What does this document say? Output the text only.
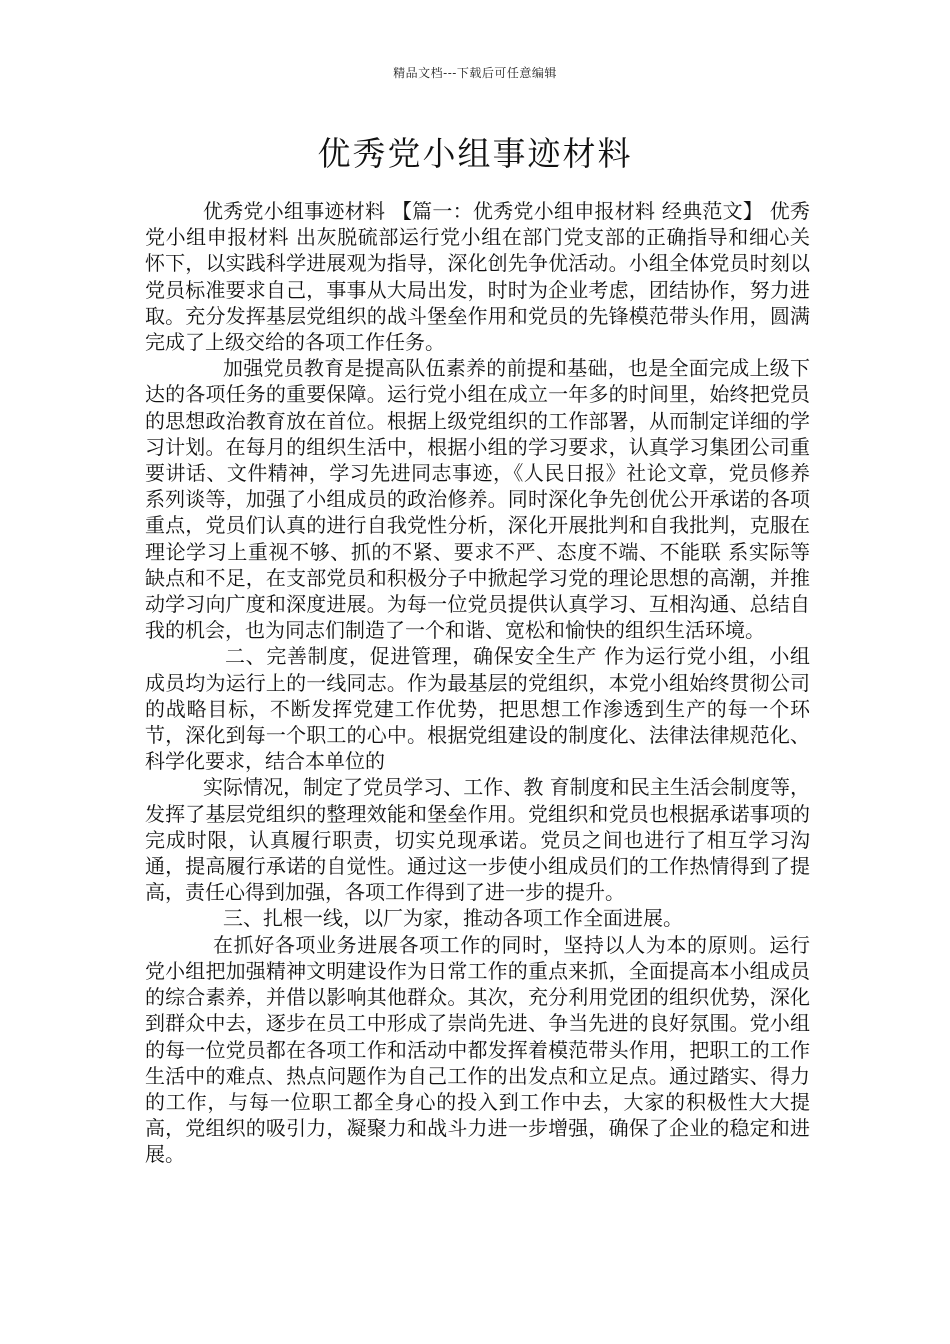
精品文档---下载后可任意编辑
优秀党小组事迹材料

优秀党小组事迹材料 【篇一：优秀党小组申报材料 经典范文】 优秀党小组申报材料 出灰脱硫部运行党小组在部门党支部的正确指导和细心关怀下，以实践科学进展观为指导，深化创先争优活动。小组全体党员时刻以党员标准要求自己，事事从大局出发，时时为企业考虑，团结协作，努力进取。充分发挥基层党组织的战斗堡垒作用和党员的先锋模范带头作用，圆满完成了上级交给的各项工作任务。

加强党员教育是提高队伍素养的前提和基础，也是全面完成上级下达的各项任务的重要保障。运行党小组在成立一年多的时间里，始终把党员的思想政治教育放在首位。根据上级党组织的工作部署，从而制定详细的学习计划。在每月的组织生活中，根据小组的学习要求，认真学习集团公司重要讲话、文件精神，学习先进同志事迹，《人民日报》社论文章，党员修养系列谈等，加强了小组成员的政治修养。同时深化争先创优公开承诺的各项重点，党员们认真的进行自我党性分析，深化开展批判和自我批判，克服在理论学习上重视不够、抓的不紧、要求不严、态度不端、不能联 系实际等缺点和不足，在支部党员和积极分子中掀起学习党的理论思想的高潮，并推动学习向广度和深度进展。为每一位党员提供认真学习、互相沟通、总结自我的机会，也为同志们制造了一个和谐、宽松和愉快的组织生活环境。

二、完善制度，促进管理，确保安全生产 作为运行党小组，小组成员均为运行上的一线同志。作为最基层的党组织，本党小组始终贯彻公司的战略目标，不断发挥党建工作优势，把思想工作渗透到生产的每一个环节，深化到每一个职工的心中。根据党组建设的制度化、法律法律规范化、科学化要求，结合本单位的

实际情况，制定了党员学习、工作、教 育制度和民主生活会制度等，发挥了基层党组织的整理效能和堡垒作用。党组织和党员也根据承诺事项的完成时限，认真履行职责，切实兑现承诺。党员之间也进行了相互学习沟通，提高履行承诺的自觉性。通过这一步使小组成员们的工作热情得到了提高，责任心得到加强，各项工作得到了进一步的提升。

三、扎根一线，以厂为家，推动各项工作全面进展。

在抓好各项业务进展各项工作的同时，坚持以人为本的原则。运行党小组把加强精神文明建设作为日常工作的重点来抓，全面提高本小组成员的综合素养，并借以影响其他群众。其次，充分利用党团的组织优势，深化 到群众中去，逐步在员工中形成了崇尚先进、争当先进的良好氛围。党小组的每一位党员都在各项工作和活动中都发挥着模范带头作用，把职工的工作生活中的难点、热点问题作为自己工作的出发点和立足点。通过踏实、得力的工作，与每一位职工都全身心的投入到工作中去，大家的积极性大大提高，党组织的吸引力，凝聚力和战斗力进一步增强，确保了企业的稳定和进展。
